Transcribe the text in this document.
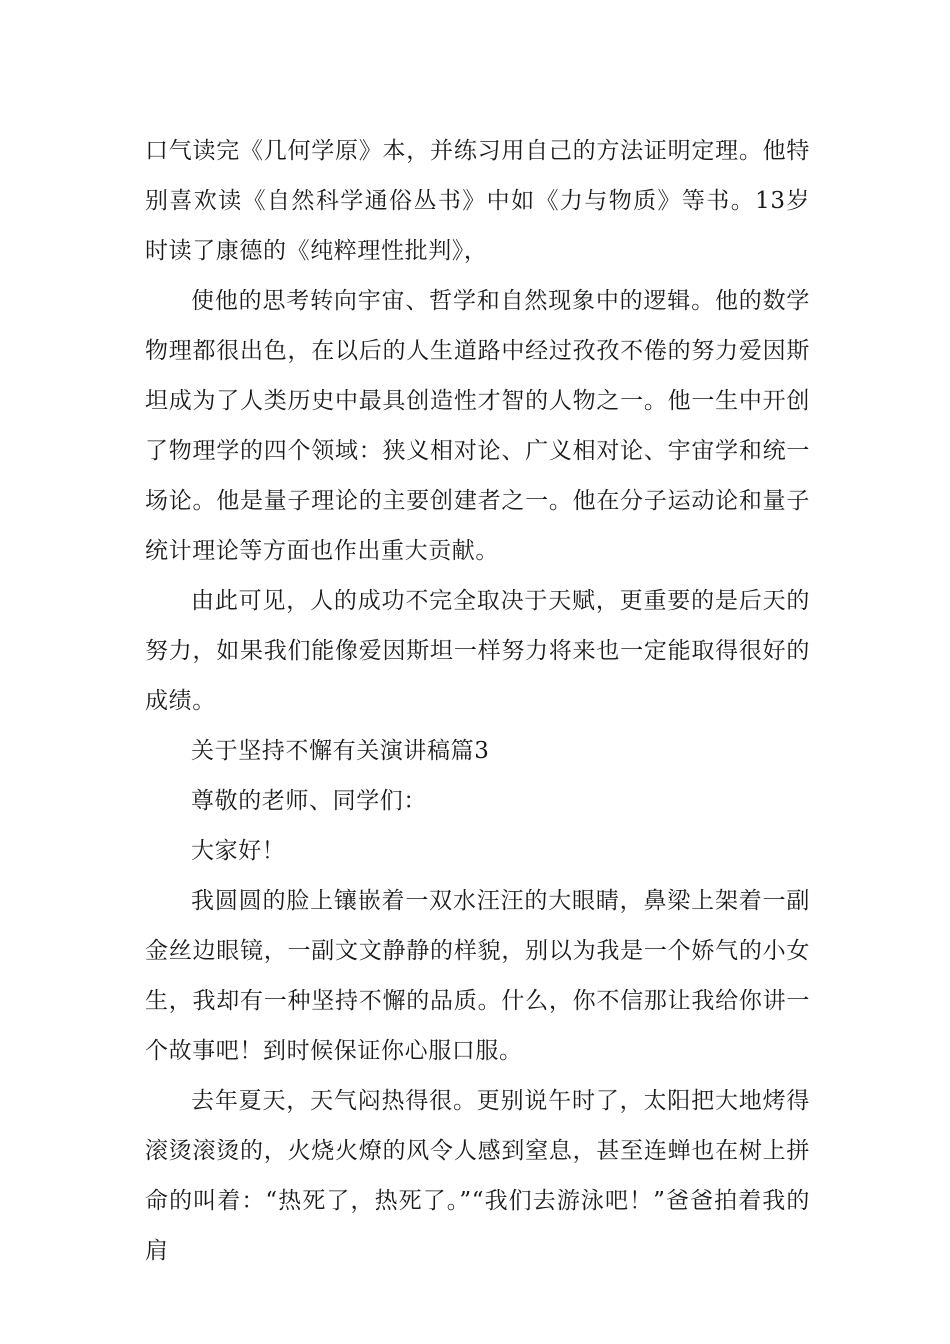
口气读完《几何学原》本，并练习用自己的方法证明定理。他特别喜欢读《自然科学通俗丛书》中如《力与物质》等书。13岁时读了康德的《纯粹理性批判》，

使他的思考转向宇宙、哲学和自然现象中的逻辑。他的数学物理都很出色，在以后的人生道路中经过孜孜不倦的努力爱因斯坦成为了人类历史中最具创造性才智的人物之一。他一生中开创了物理学的四个领域：狭义相对论、广义相对论、宇宙学和统一场论。他是量子理论的主要创建者之一。他在分子运动论和量子统计理论等方面也作出重大贡献。

由此可见，人的成功不完全取决于天赋，更重要的是后天的努力，如果我们能像爱因斯坦一样努力将来也一定能取得很好的成绩。

关于坚持不懈有关演讲稿篇3

尊敬的老师、同学们：

大家好！

我圆圆的脸上镶嵌着一双水汪汪的大眼睛，鼻梁上架着一副金丝边眼镜，一副文文静静的样貌，别以为我是一个娇气的小女生，我却有一种坚持不懈的品质。什么，你不信那让我给你讲一个故事吧！到时候保证你心服口服。

去年夏天，天气闷热得很。更别说午时了，太阳把大地烤得滚烫滚烫的，火烧火燎的风令人感到窒息，甚至连蝉也在树上拼命的叫着：“热死了，热死了。”“我们去游泳吧！”爸爸拍着我的肩
